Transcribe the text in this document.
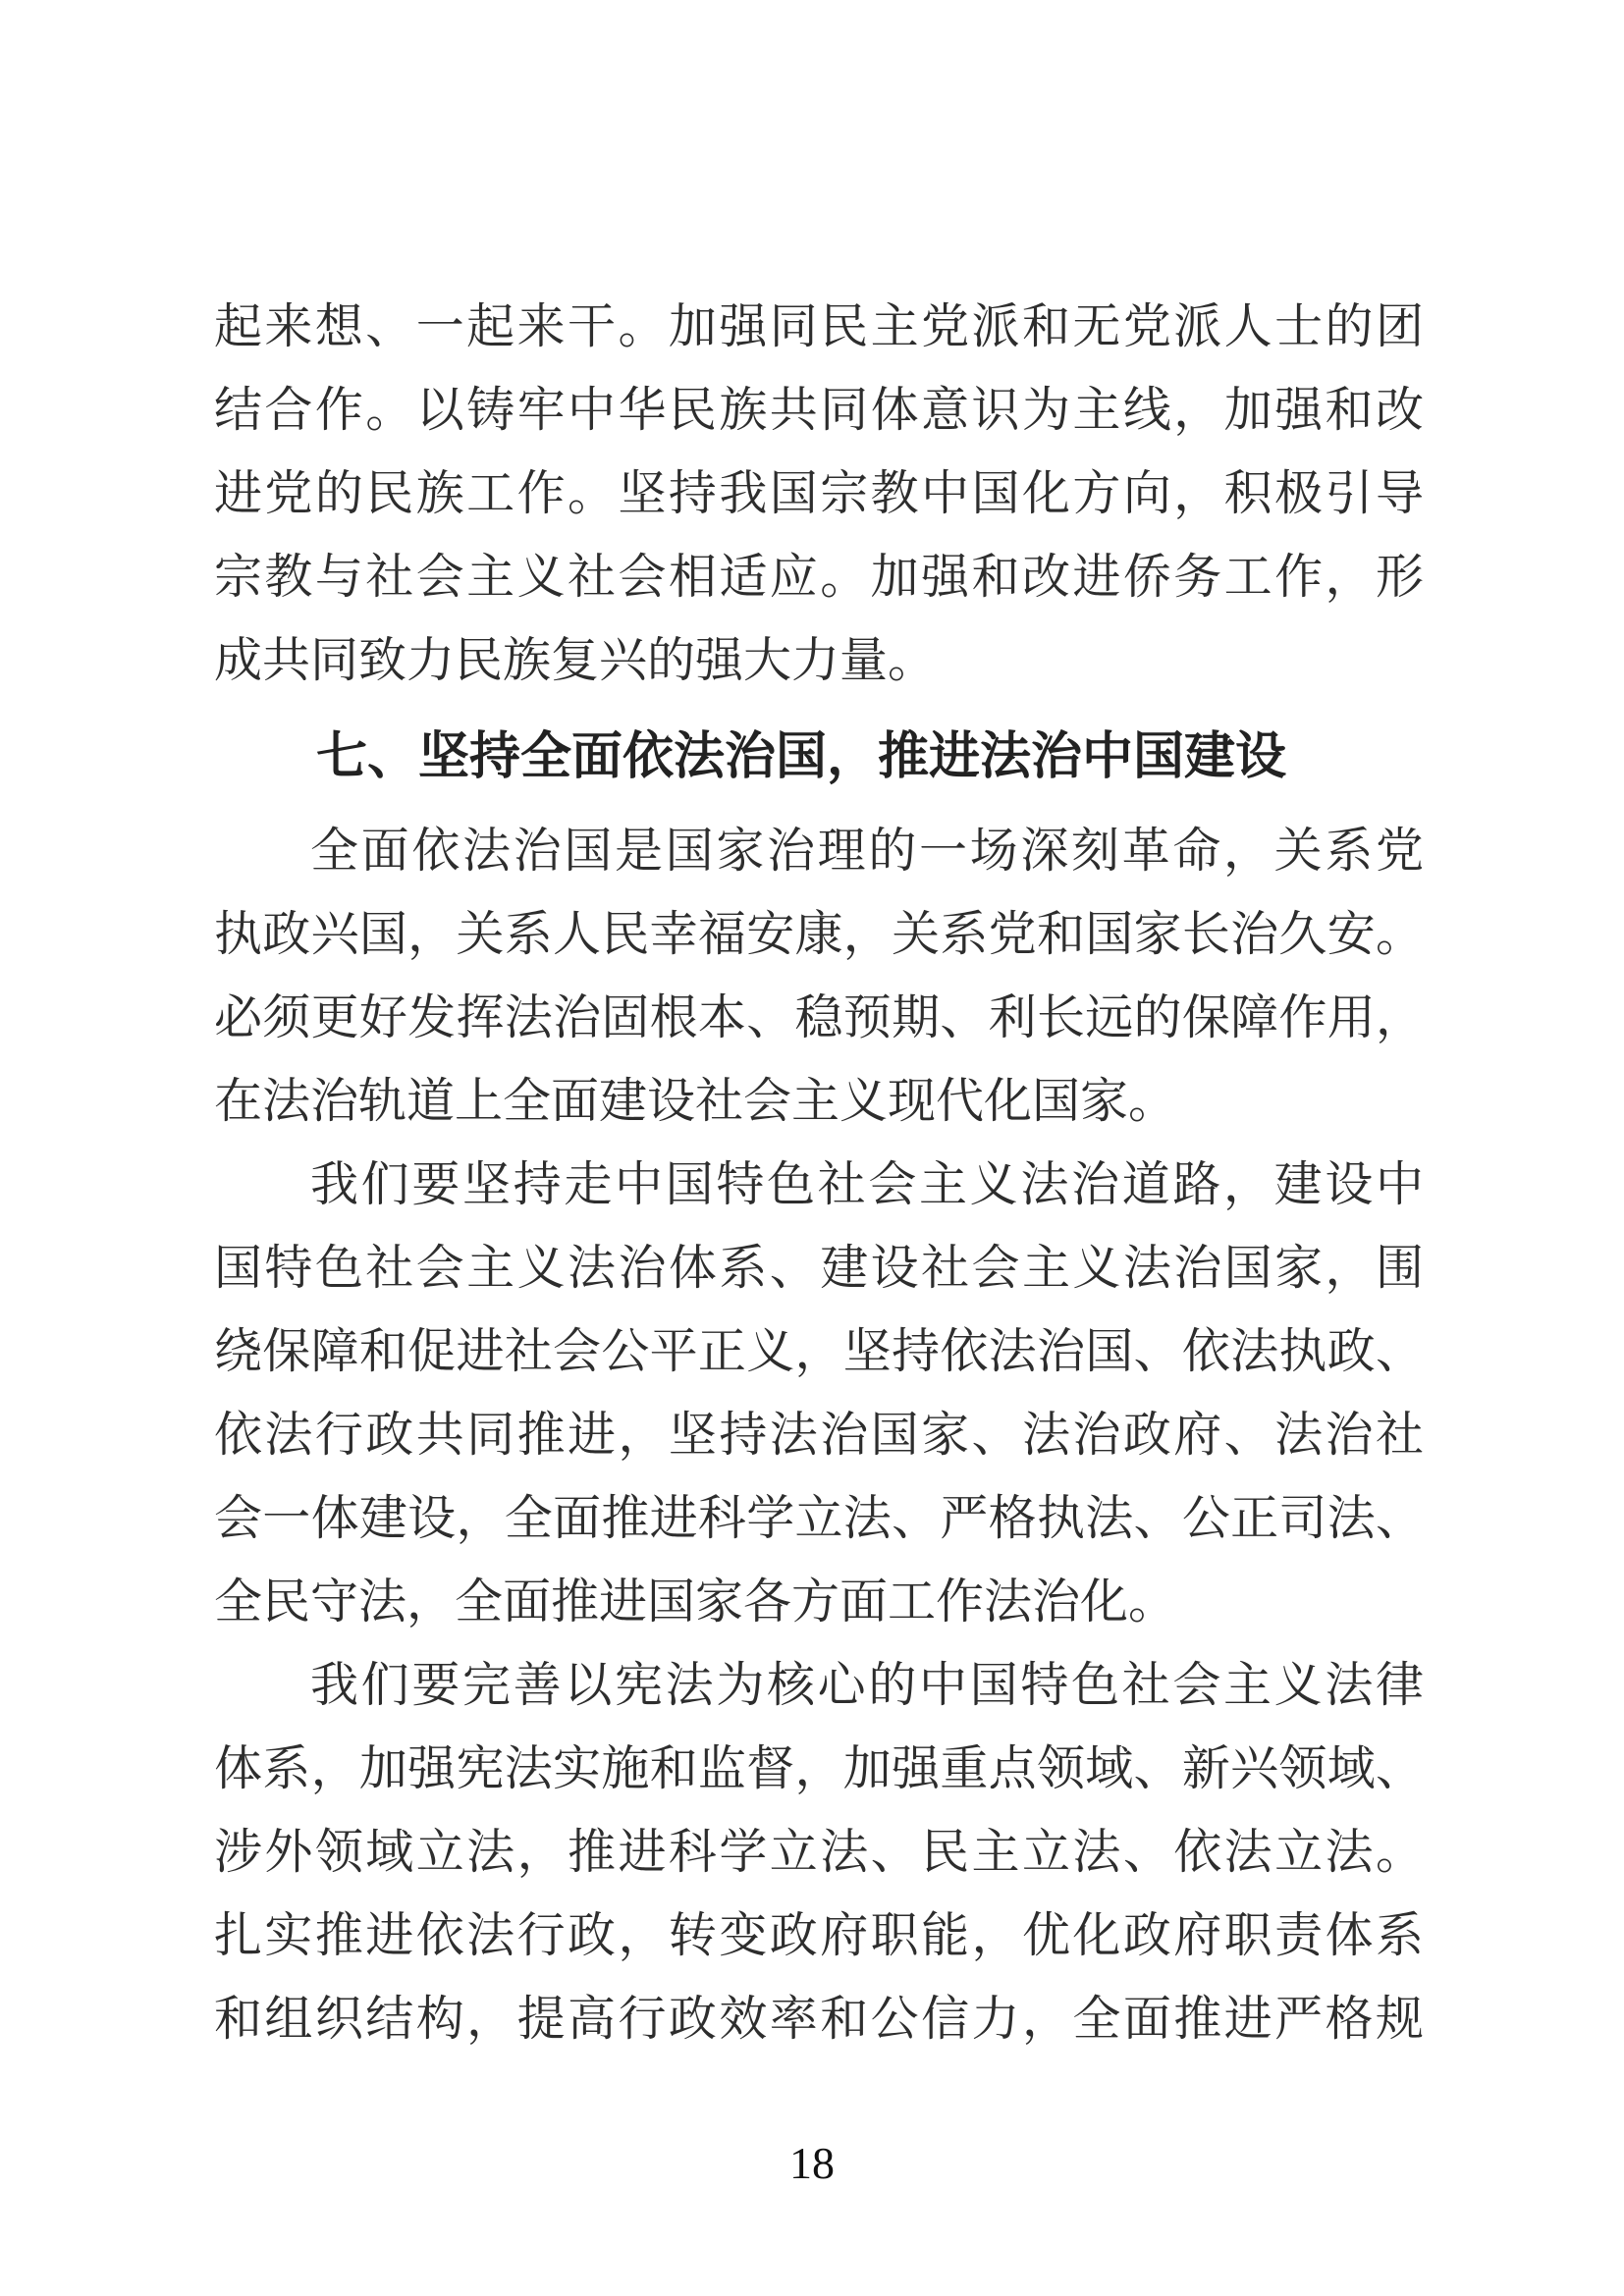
起来想、一起来干。加强同民主党派和无党派人士的团
结合作。以铸牢中华民族共同体意识为主线，加强和改
进党的民族工作。坚持我国宗教中国化方向，积极引导
宗教与社会主义社会相适应。加强和改进侨务工作，形
成共同致力民族复兴的强大力量。
七、坚持全面依法治国，推进法治中国建设
全面依法治国是国家治理的一场深刻革命，关系党
执政兴国，关系人民幸福安康，关系党和国家长治久安。
必须更好发挥法治固根本、稳预期、利长远的保障作用，
在法治轨道上全面建设社会主义现代化国家。
我们要坚持走中国特色社会主义法治道路，建设中
国特色社会主义法治体系、建设社会主义法治国家，围
绕保障和促进社会公平正义，坚持依法治国、依法执政、
依法行政共同推进，坚持法治国家、法治政府、法治社
会一体建设，全面推进科学立法、严格执法、公正司法、
全民守法，全面推进国家各方面工作法治化。
我们要完善以宪法为核心的中国特色社会主义法律
体系，加强宪法实施和监督，加强重点领域、新兴领域、
涉外领域立法，推进科学立法、民主立法、依法立法。
扎实推进依法行政，转变政府职能，优化政府职责体系
和组织结构，提高行政效率和公信力，全面推进严格规
18
